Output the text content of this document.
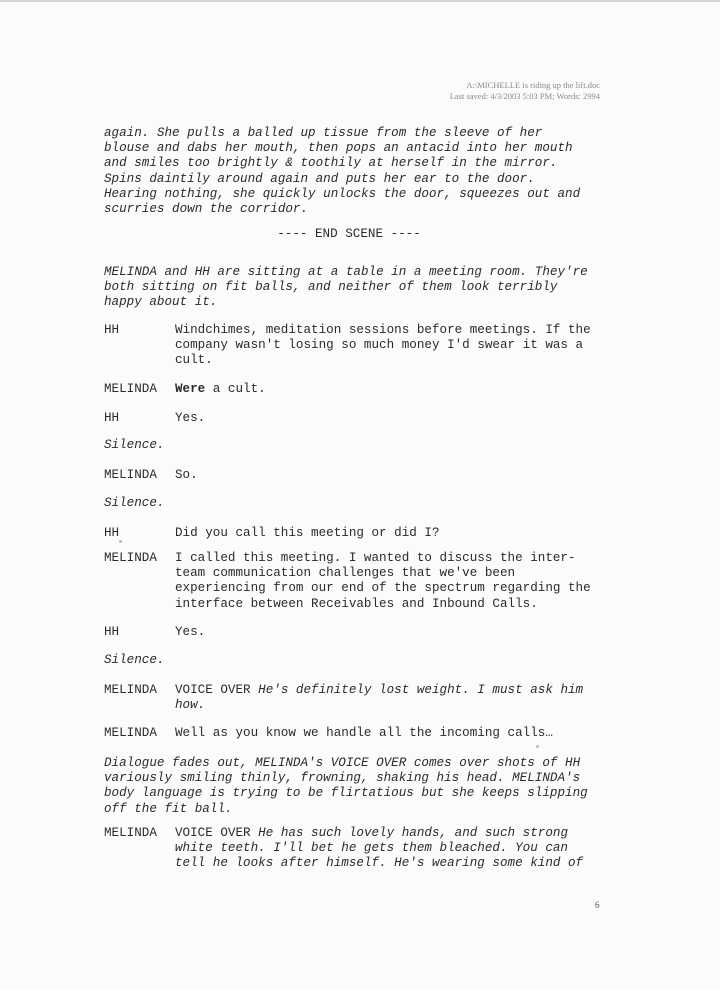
A:\MICHELLE is riding up the lift.doc
Last saved: 4/3/2003 5:03 PM; Words: 2994
again. She pulls a balled up tissue from the sleeve of her blouse and dabs her mouth, then pops an antacid into her mouth and smiles too brightly & toothily at herself in the mirror. Spins daintily around again and puts her ear to the door. Hearing nothing, she quickly unlocks the door, squeezes out and scurries down the corridor.
---- END SCENE ----
MELINDA and HH are sitting at a table in a meeting room. They're both sitting on fit balls, and neither of them look terribly happy about it.
HH	Windchimes, meditation sessions before meetings. If the company wasn't losing so much money I'd swear it was a cult.
MELINDA	Were a cult.
HH	Yes.
Silence.
MELINDA	So.
Silence.
HH	Did you call this meeting or did I?
MELINDA	I called this meeting. I wanted to discuss the inter-team communication challenges that we've been experiencing from our end of the spectrum regarding the interface between Receivables and Inbound Calls.
HH	Yes.
Silence.
MELINDA	VOICE OVER He's definitely lost weight. I must ask him how.
MELINDA	Well as you know we handle all the incoming calls…
Dialogue fades out, MELINDA's VOICE OVER comes over shots of HH variously smiling thinly, frowning, shaking his head. MELINDA's body language is trying to be flirtatious but she keeps slipping off the fit ball.
MELINDA	VOICE OVER He has such lovely hands, and such strong white teeth. I'll bet he gets them bleached. You can tell he looks after himself. He's wearing some kind of
6
